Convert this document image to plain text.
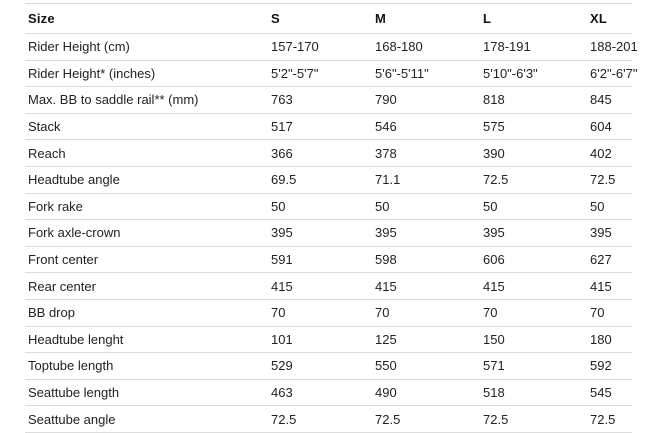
Size	S	M	L	XL
Rider Height (cm)	157-170	168-180	178-191	188-201
Rider Height* (inches)	5'2"-5'7"	5'6"-5'11"	5'10"-6'3"	6'2"-6'7"
Max. BB to saddle rail** (mm)	763	790	818	845
Stack	517	546	575	604
Reach	366	378	390	402
Headtube angle	69.5	71.1	72.5	72.5
Fork rake	50	50	50	50
Fork axle-crown	395	395	395	395
Front center	591	598	606	627
Rear center	415	415	415	415
BB drop	70	70	70	70
Headtube lenght	101	125	150	180
Toptube length	529	550	571	592
Seattube length	463	490	518	545
Seattube angle	72.5	72.5	72.5	72.5
